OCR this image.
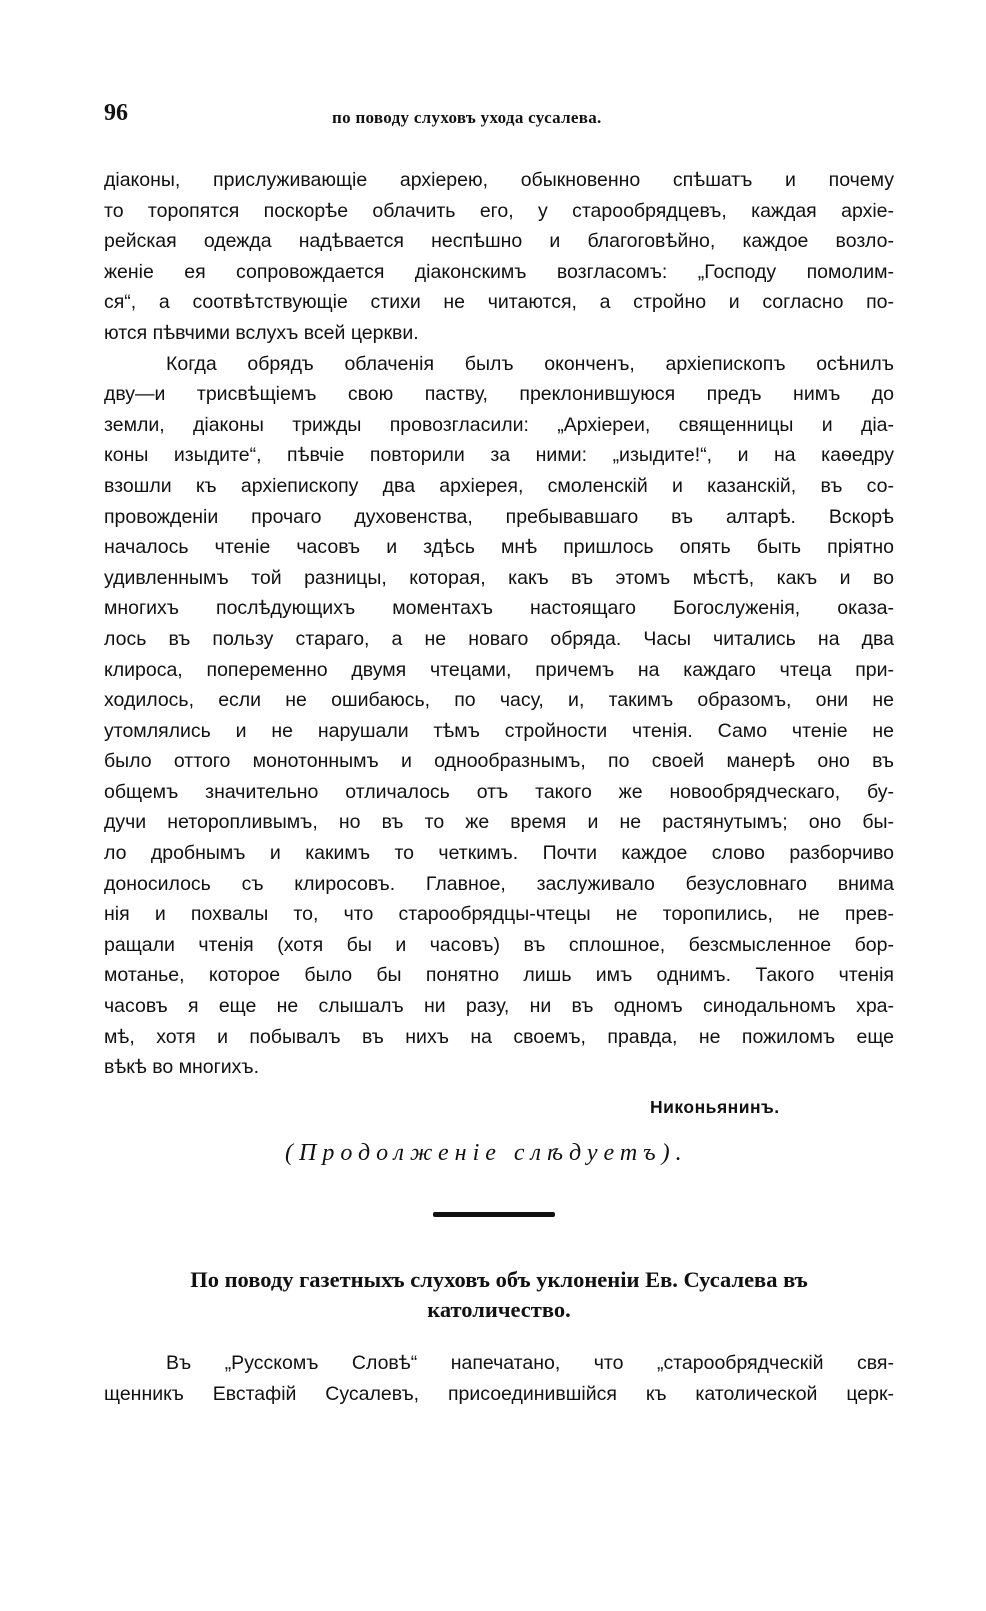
96	по поводу слуховъ ухода сусалева.
діаконы, прислуживающіе архіерею, обыкновенно спѣшатъ и почему
то торопятся поскорѣе облачить его, у старообрядцевъ, каждая архіе-
рейская одежда надѣвается неспѣшно и благоговѣйно, каждое возло-
женіе ея сопровождается діаконскимъ возгласомъ: „Господу помолим-
ся“, а соотвѣтствующіе стихи не читаются, а стройно и согласно по-
ются пѣвчими вслухъ всей церкви.
Когда обрядъ облаченія былъ оконченъ, архіепископъ осѣнилъ
дву—и трисвѣщіемъ свою паству, преклонившуюся предъ нимъ до
земли, діаконы трижды провозгласили: „Архіереи, священницы и діа-
коны изыдите“, пѣвчіе повторили за ними: „изыдите!“, и на каѳедру
взошли къ архіепископу два архіерея, смоленскій и казанскій, въ со-
провожденіи прочаго духовенства, пребывавшаго въ алтарѣ. Вскорѣ
началось чтеніе часовъ и здѣсь мнѣ пришлось опять быть пріятно
удивленнымъ той разницы, которая, какъ въ этомъ мѣстѣ, какъ и во
многихъ послѣдующихъ моментахъ настоящаго Богослуженія, оказа-
лось въ пользу стараго, а не новаго обряда. Часы читались на два
клироса, попеременно двумя чтецами, причемъ на каждаго чтеца при-
ходилось, если не ошибаюсь, по часу, и, такимъ образомъ, они не
утомлялись и не нарушали тѣмъ стройности чтенія. Само чтеніе не
было оттого монотоннымъ и однообразнымъ, по своей манерѣ оно въ
общемъ значительно отличалось отъ такого же новообрядческаго, бу-
дучи неторопливымъ, но въ то же время и не растянутымъ; оно бы-
ло дробнымъ и какимъ то четкимъ. Почти каждое слово разборчиво
доносилось съ клиросовъ. Главное, заслуживало безусловнаго внима
нія и похвалы то, что старообрядцы-чтецы не торопились, не прев-
ращали чтенія (хотя бы и часовъ) въ сплошное, безсмысленное бор-
мотанье, которое было бы понятно лишь имъ однимъ. Такого чтенія
часовъ я еще не слышалъ ни разу, ни въ одномъ синодальномъ хра-
мѣ, хотя и побывалъ въ нихъ на своемъ, правда, не пожиломъ еще
вѣкѣ во многихъ.
Никоньянинъ.
(Продолженіе слѣдуетъ).
По поводу газетныхъ слуховъ объ уклоненіи Ев. Сусалева въ
католичество.
Въ „Русскомъ Словѣ“ напечатано, что „старообрядческій свя-
щенникъ Евстафій Сусалевъ, присоединившійся къ католической церк-
